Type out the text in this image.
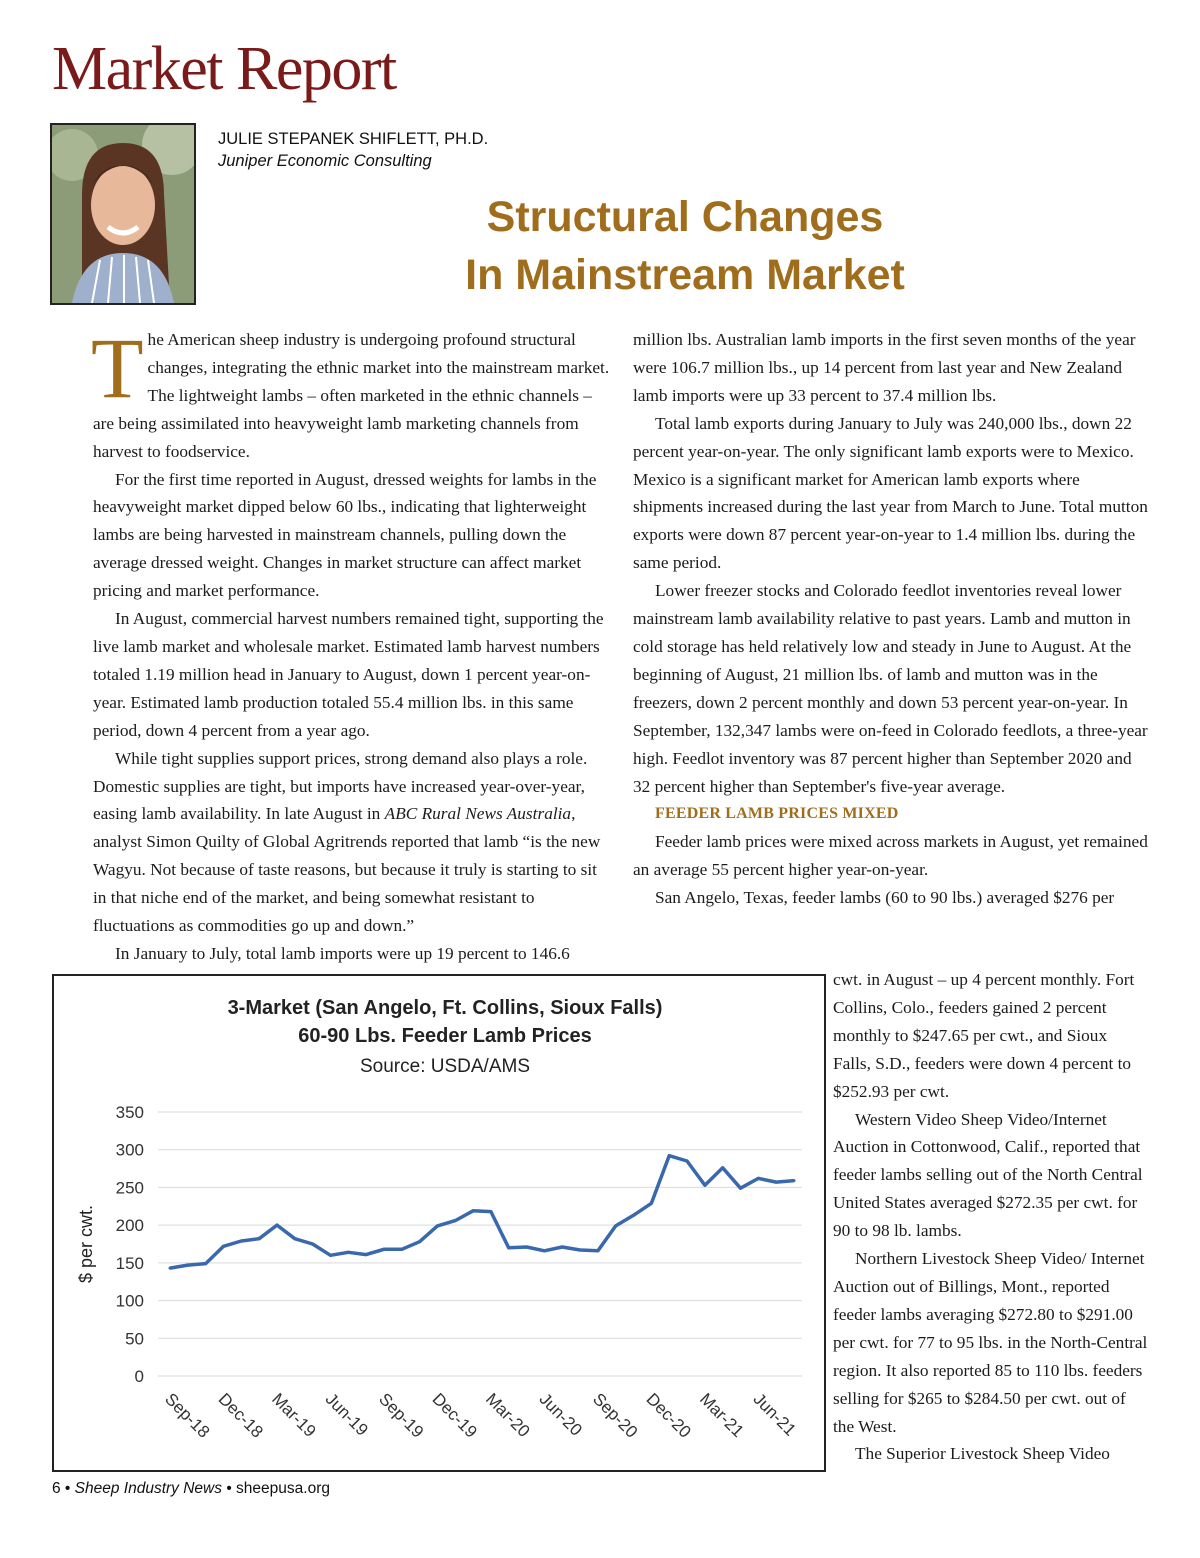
Market Report
JULIE STEPANEK SHIFLETT, PH.D.
Juniper Economic Consulting
Structural Changes
In Mainstream Market

The American sheep industry is undergoing profound structural changes, integrating the ethnic market into the mainstream market. The lightweight lambs – often marketed in the ethnic channels – are being assimilated into heavyweight lamb marketing channels from harvest to foodservice.

For the first time reported in August, dressed weights for lambs in the heavyweight market dipped below 60 lbs., indicating that lighterweight lambs are being harvested in mainstream channels, pulling down the average dressed weight. Changes in market structure can affect market pricing and market performance.

In August, commercial harvest numbers remained tight, supporting the live lamb market and wholesale market. Estimated lamb harvest numbers totaled 1.19 million head in January to August, down 1 percent year-on-year. Estimated lamb production totaled 55.4 million lbs. in this same period, down 4 percent from a year ago.

While tight supplies support prices, strong demand also plays a role. Domestic supplies are tight, but imports have increased year-over-year, easing lamb availability. In late August in ABC Rural News Australia, analyst Simon Quilty of Global Agritrends reported that lamb “is the new Wagyu. Not because of taste reasons, but because it truly is starting to sit in that niche end of the market, and being somewhat resistant to fluctuations as commodities go up and down.”

In January to July, total lamb imports were up 19 percent to 146.6

million lbs. Australian lamb imports in the first seven months of the year were 106.7 million lbs., up 14 percent from last year and New Zealand lamb imports were up 33 percent to 37.4 million lbs.

Total lamb exports during January to July was 240,000 lbs., down 22 percent year-on-year. The only significant lamb exports were to Mexico. Mexico is a significant market for American lamb exports where shipments increased during the last year from March to June. Total mutton exports were down 87 percent year-on-year to 1.4 million lbs. during the same period.

Lower freezer stocks and Colorado feedlot inventories reveal lower mainstream lamb availability relative to past years. Lamb and mutton in cold storage has held relatively low and steady in June to August. At the beginning of August, 21 million lbs. of lamb and mutton was in the freezers, down 2 percent monthly and down 53 percent year-on-year. In September, 132,347 lambs were on-feed in Colorado feedlots, a three-year high. Feedlot inventory was 87 percent higher than September 2020 and 32 percent higher than September's five-year average.

FEEDER LAMB PRICES MIXED

Feeder lamb prices were mixed across markets in August, yet remained an average 55 percent higher year-on-year.

San Angelo, Texas, feeder lambs (60 to 90 lbs.) averaged $276 per

cwt. in August – up 4 percent monthly. Fort Collins, Colo., feeders gained 2 percent monthly to $247.65 per cwt., and Sioux Falls, S.D., feeders were down 4 percent to $252.93 per cwt.

Western Video Sheep Video/Internet Auction in Cottonwood, Calif., reported that feeder lambs selling out of the North Central United States averaged $272.35 per cwt. for 90 to 98 lb. lambs.

Northern Livestock Sheep Video/ Internet Auction out of Billings, Mont., reported feeder lambs averaging $272.80 to $291.00 per cwt. for 77 to 95 lbs. in the North-Central region. It also reported 85 to 110 lbs. feeders selling for $265 to $284.50 per cwt. out of the West.

The Superior Livestock Sheep Video

3-Market (San Angelo, Ft. Collins, Sioux Falls)
60-90 Lbs. Feeder Lamb Prices
Source: USDA/AMS
0
50
100
150
200
250
300
350
$ per cwt.
Sep-18 Dec-18 Mar-19 Jun-19 Sep-19 Dec-19 Mar-20 Jun-20 Sep-20 Dec-20 Mar-21 Jun-21
6 • Sheep Industry News • sheepusa.org
